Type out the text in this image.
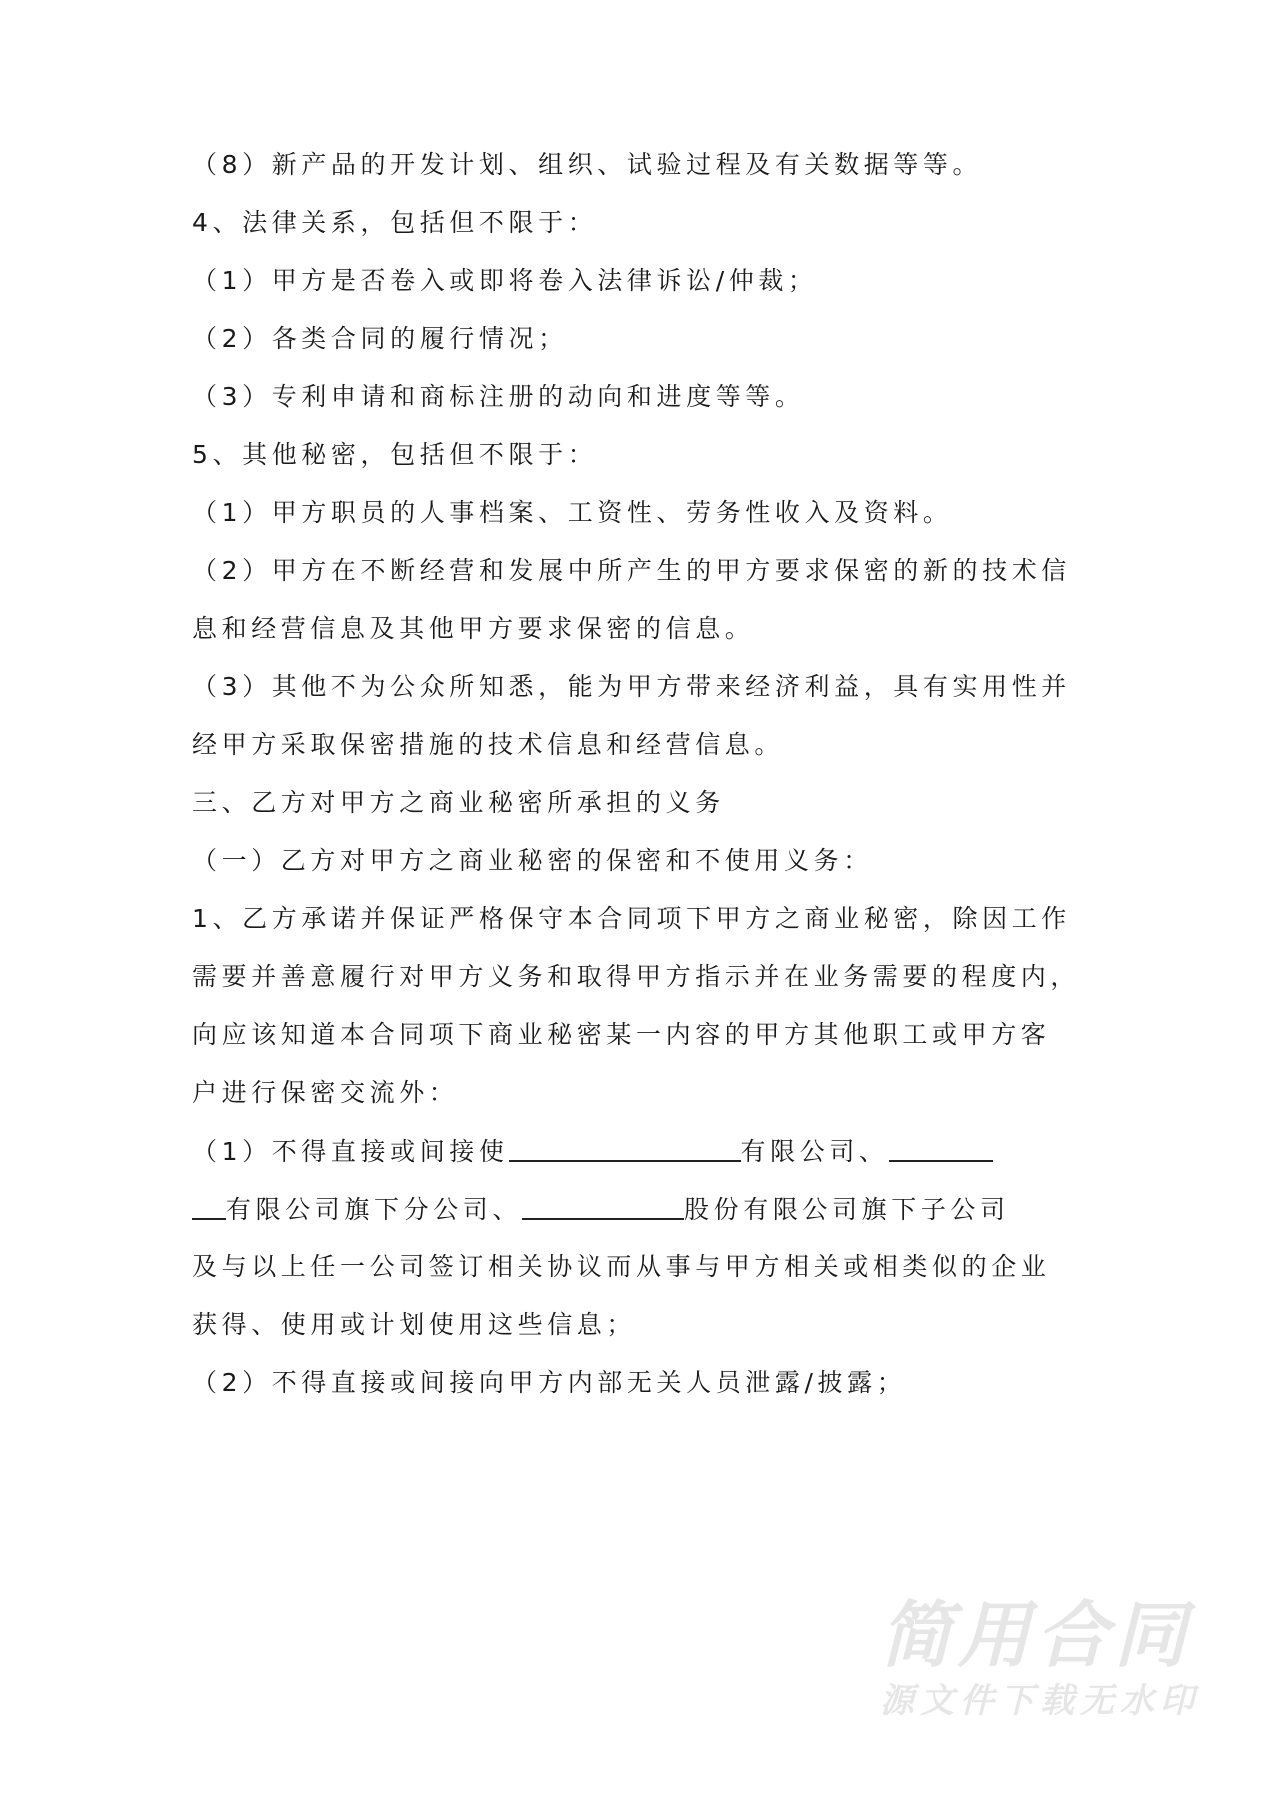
（8）新产品的开发计划、组织、试验过程及有关数据等等。
4、法律关系，包括但不限于：
（1）甲方是否卷入或即将卷入法律诉讼/仲裁；
（2）各类合同的履行情况；
（3）专利申请和商标注册的动向和进度等等。
5、其他秘密，包括但不限于：
（1）甲方职员的人事档案、工资性、劳务性收入及资料。
（2）甲方在不断经营和发展中所产生的甲方要求保密的新的技术信
息和经营信息及其他甲方要求保密的信息。
（3）其他不为公众所知悉，能为甲方带来经济利益，具有实用性并
经甲方采取保密措施的技术信息和经营信息。
三、乙方对甲方之商业秘密所承担的义务
（一）乙方对甲方之商业秘密的保密和不使用义务：
1、乙方承诺并保证严格保守本合同项下甲方之商业秘密，除因工作
需要并善意履行对甲方义务和取得甲方指示并在业务需要的程度内，
向应该知道本合同项下商业秘密某一内容的甲方其他职工或甲方客
户进行保密交流外：
（1）不得直接或间接使	有限公司、
有限公司旗下分公司、	股份有限公司旗下子公司
及与以上任一公司签订相关协议而从事与甲方相关或相类似的企业
获得、使用或计划使用这些信息；
（2）不得直接或间接向甲方内部无关人员泄露/披露；
简用合同
源文件下载无水印
